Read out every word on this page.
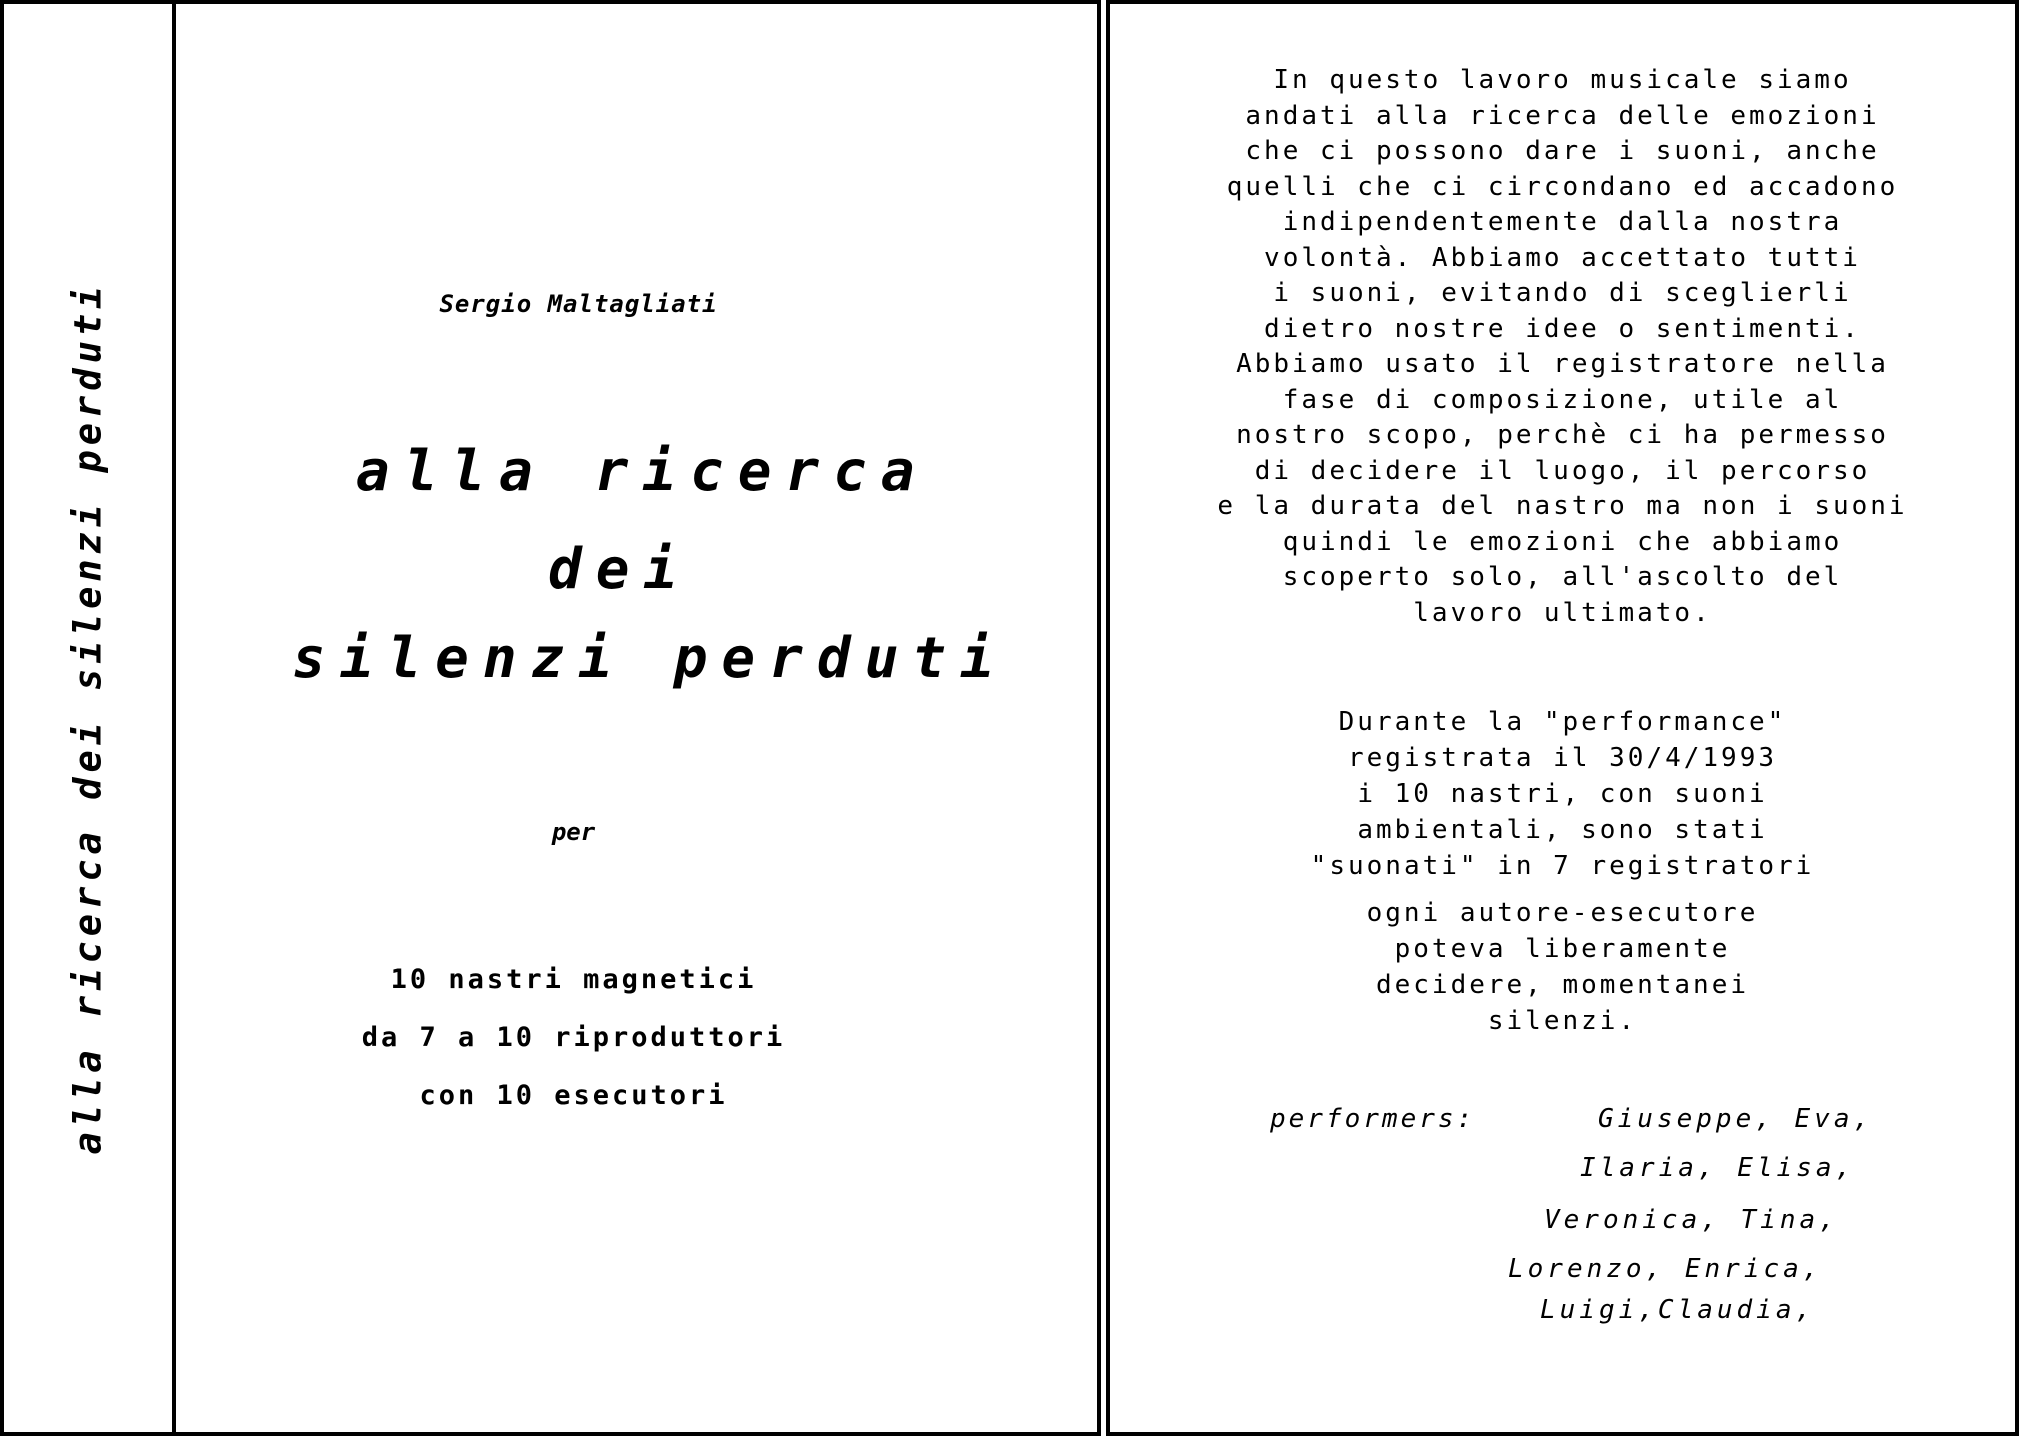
alla ricerca dei silenzi perduti	Sergio Maltagliati
alla ricerca
dei
silenzi perduti
per
10 nastri magnetici
da 7 a 10 riproduttori
con 10 esecutori
In questo lavoro musicale siamo
andati alla ricerca delle emozioni
che ci possono dare i suoni, anche
quelli che ci circondano ed accadono
indipendentemente dalla nostra
volontà. Abbiamo accettato tutti
i suoni, evitando di sceglierli
dietro nostre idee o sentimenti.
Abbiamo usato il registratore nella
fase di composizione, utile al
nostro scopo, perchè ci ha permesso
di decidere il luogo, il percorso
e la durata del nastro ma non i suoni
quindi le emozioni che abbiamo
scoperto solo, all'ascolto del
lavoro ultimato.
Durante la "performance"
registrata il 30/4/1993
i 10 nastri, con suoni
ambientali, sono stati
"suonati" in 7 registratori
ogni autore-esecutore
poteva liberamente
decidere, momentanei
silenzi.
performers:	Giuseppe, Eva,
Ilaria, Elisa,
Veronica, Tina,
Lorenzo, Enrica,
Luigi,Claudia,
